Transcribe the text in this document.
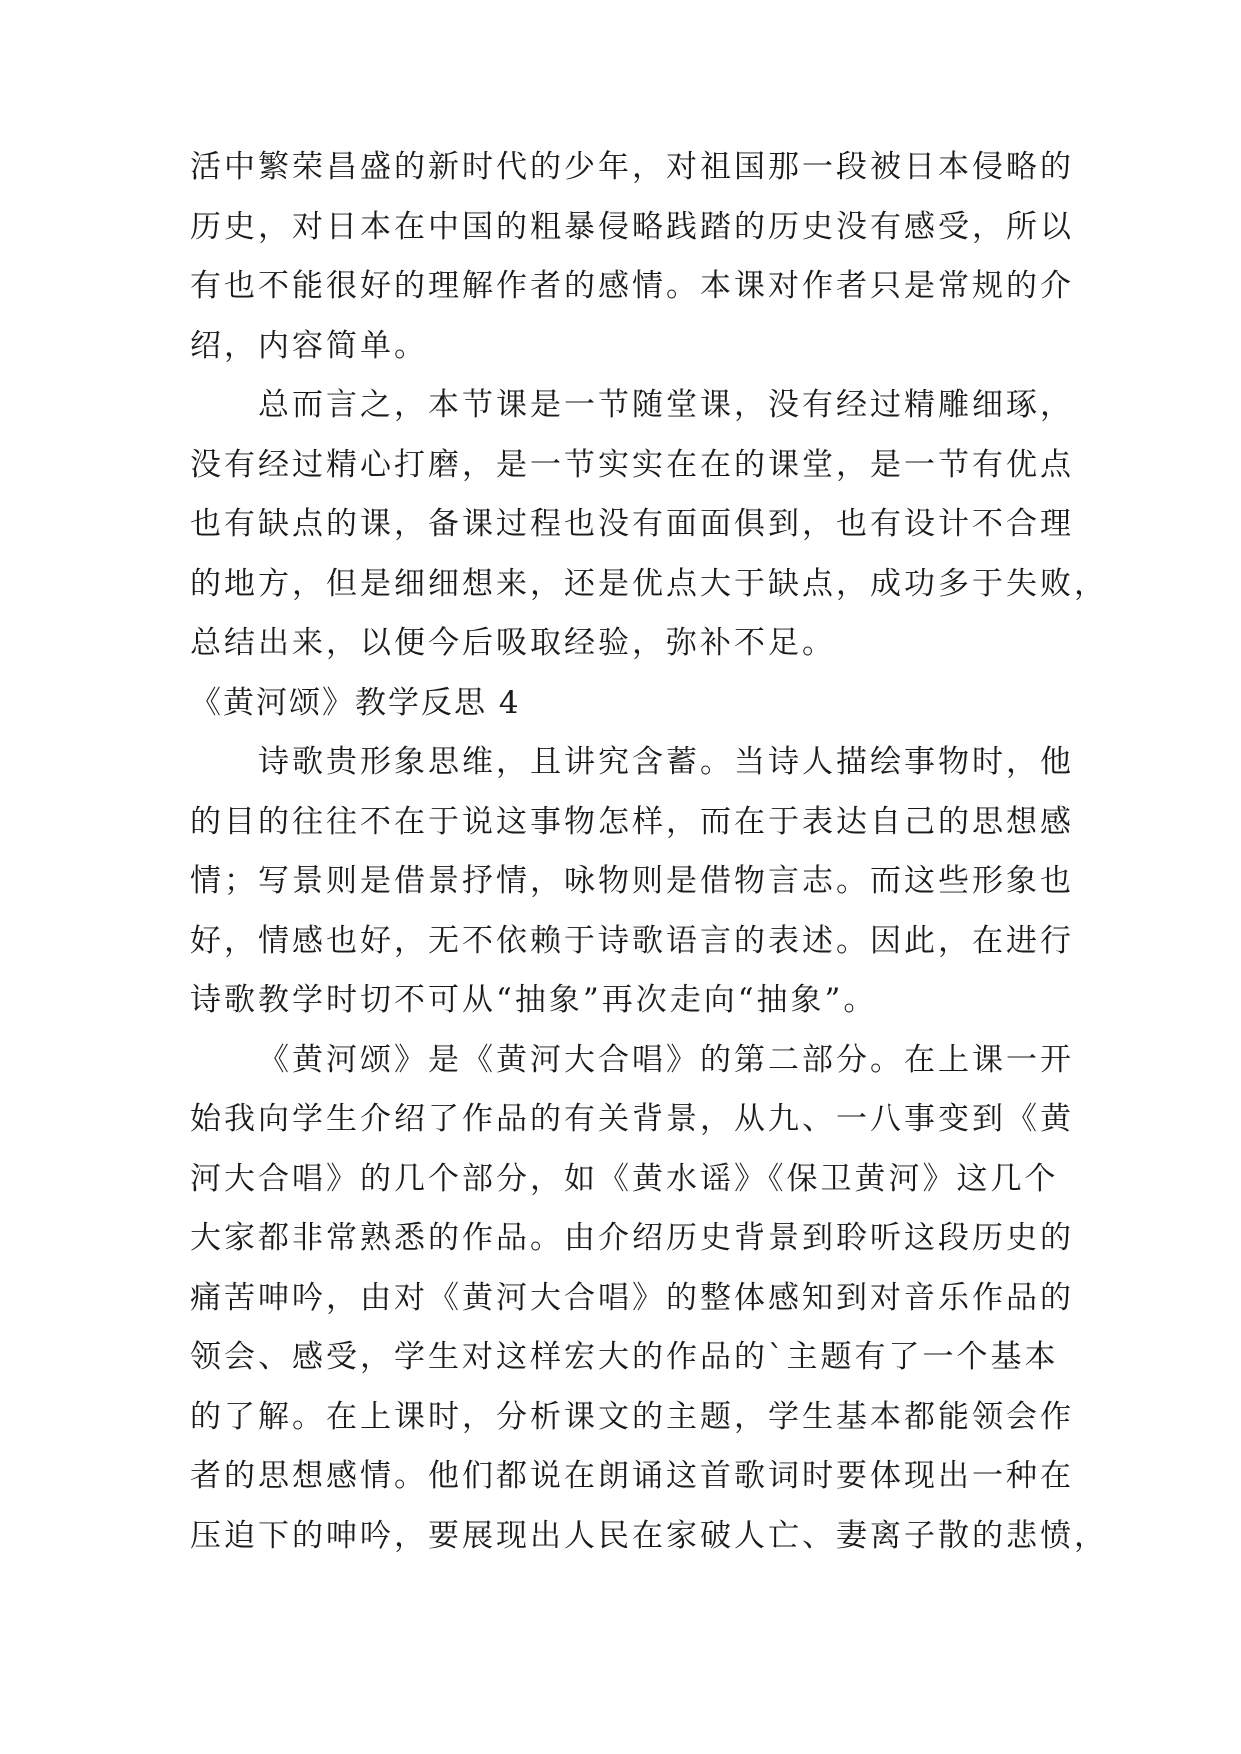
活中繁荣昌盛的新时代的少年，对祖国那一段被日本侵略的
历史，对日本在中国的粗暴侵略践踏的历史没有感受，所以
有也不能很好的理解作者的感情。本课对作者只是常规的介
绍，内容简单。
总而言之，本节课是一节随堂课，没有经过精雕细琢，
没有经过精心打磨，是一节实实在在的课堂，是一节有优点
也有缺点的课，备课过程也没有面面俱到，也有设计不合理
的地方，但是细细想来，还是优点大于缺点，成功多于失败，
总结出来，以便今后吸取经验，弥补不足。
《黄河颂》教学反思 4
诗歌贵形象思维，且讲究含蓄。当诗人描绘事物时，他
的目的往往不在于说这事物怎样，而在于表达自己的思想感
情；写景则是借景抒情，咏物则是借物言志。而这些形象也
好，情感也好，无不依赖于诗歌语言的表述。因此，在进行
诗歌教学时切不可从“抽象”再次走向“抽象”。
《黄河颂》是《黄河大合唱》的第二部分。在上课一开
始我向学生介绍了作品的有关背景，从九、一八事变到《黄
河大合唱》的几个部分，如《黄水谣》《保卫黄河》这几个
大家都非常熟悉的作品。由介绍历史背景到聆听这段历史的
痛苦呻吟，由对《黄河大合唱》的整体感知到对音乐作品的
领会、感受，学生对这样宏大的作品的`主题有了一个基本
的了解。在上课时，分析课文的主题，学生基本都能领会作
者的思想感情。他们都说在朗诵这首歌词时要体现出一种在
压迫下的呻吟，要展现出人民在家破人亡、妻离子散的悲愤，
